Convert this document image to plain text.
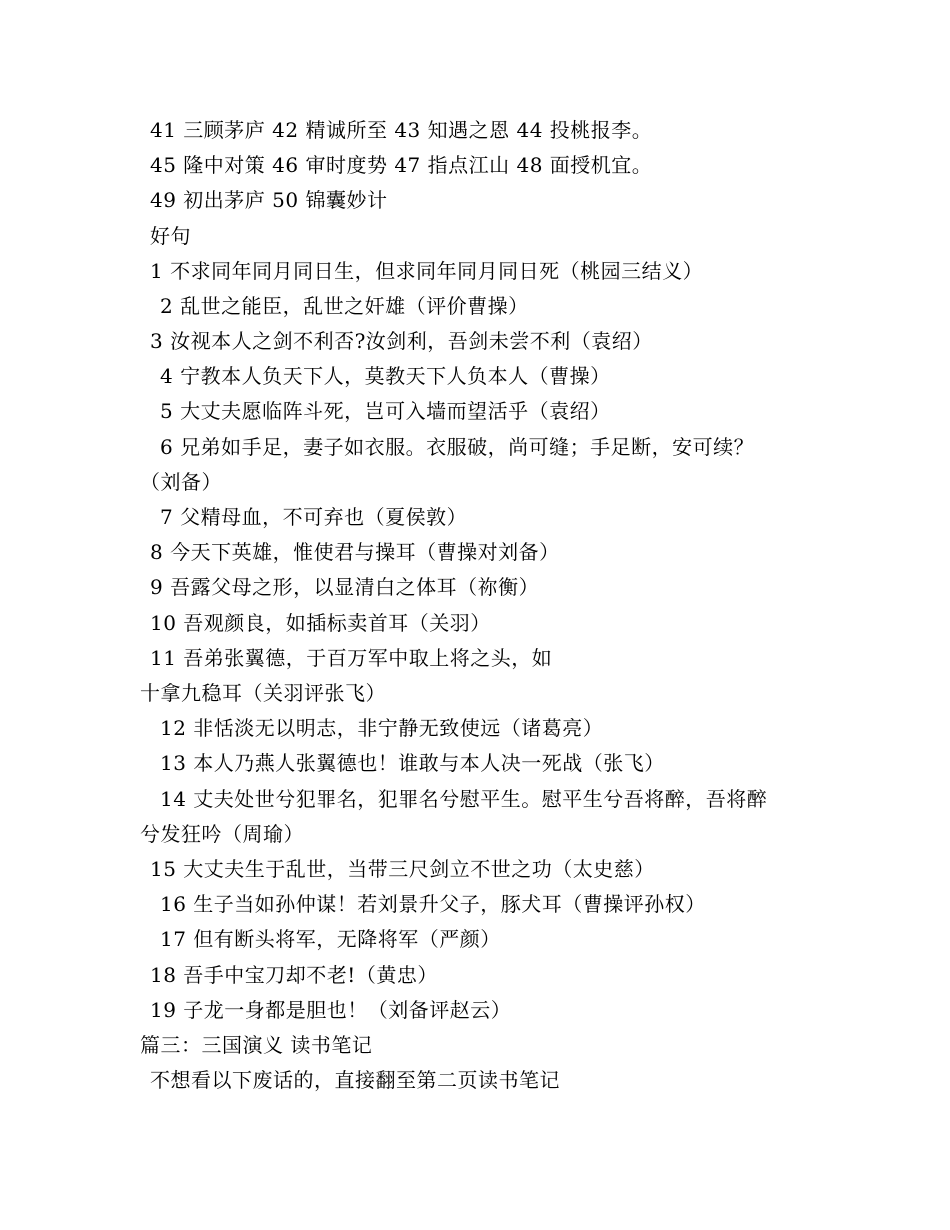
41 三顾茅庐 42 精诚所至 43 知遇之恩 44 投桃报李。
45 隆中对策 46 审时度势 47 指点江山 48 面授机宜。
49 初出茅庐 50 锦囊妙计
好句
1 不求同年同月同日生，但求同年同月同日死（桃园三结义）
2 乱世之能臣，乱世之奸雄（评价曹操）
3 汝视本人之剑不利否?汝剑利，吾剑未尝不利（袁绍）
4 宁教本人负天下人，莫教天下人负本人（曹操）
5 大丈夫愿临阵斗死，岂可入墙而望活乎（袁绍）
6 兄弟如手足，妻子如衣服。衣服破，尚可缝；手足断，安可续？
（刘备）
7 父精母血，不可弃也（夏侯敦）
8 今天下英雄，惟使君与操耳（曹操对刘备）
9 吾露父母之形，以显清白之体耳（祢衡）
10 吾观颜良，如插标卖首耳（关羽）
11 吾弟张翼德，于百万军中取上将之头，如
十拿九稳耳（关羽评张飞）
12 非恬淡无以明志，非宁静无致使远（诸葛亮）
13 本人乃燕人张翼德也！谁敢与本人决一死战（张飞）
14 丈夫处世兮犯罪名，犯罪名兮慰平生。慰平生兮吾将醉，吾将醉
兮发狂吟（周瑜）
15 大丈夫生于乱世，当带三尺剑立不世之功（太史慈）
16 生子当如孙仲谋！若刘景升父子，豚犬耳（曹操评孙权）
17 但有断头将军，无降将军（严颜）
18 吾手中宝刀却不老!（黄忠）
19 子龙一身都是胆也！（刘备评赵云）
篇三：三国演义 读书笔记
不想看以下废话的，直接翻至第二页读书笔记
